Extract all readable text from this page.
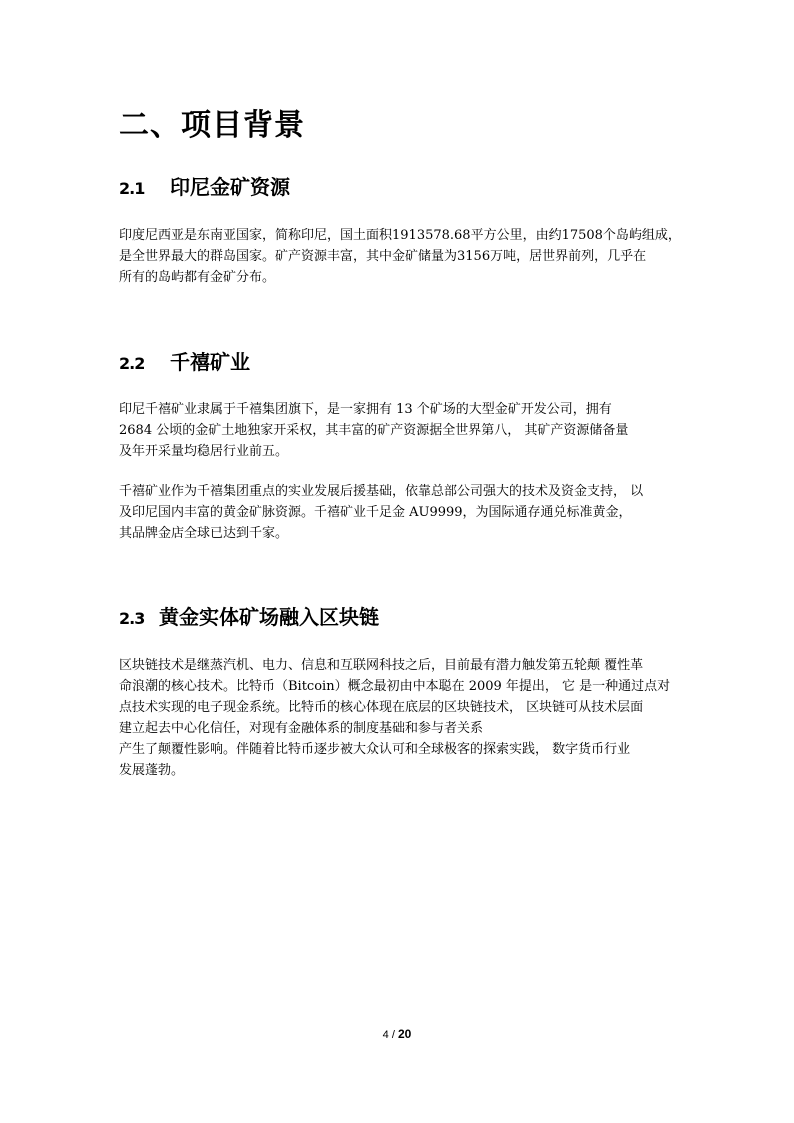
二、项目背景
2.1 印尼金矿资源
印度尼西亚是东南亚国家，简称印尼，国土面积1913578.68平方公里，由约17508个岛屿组成，
是全世界最大的群岛国家。矿产资源丰富，其中金矿储量为3156万吨，居世界前列，几乎在
所有的岛屿都有金矿分布。
2.2 千禧矿业
印尼千禧矿业隶属于千禧集团旗下，是一家拥有 13 个矿场的大型金矿开发公司，拥有
2684 公顷的金矿土地独家开采权，其丰富的矿产资源据全世界第八， 其矿产资源储备量
及年开采量均稳居行业前五。
千禧矿业作为千禧集团重点的实业发展后援基础，依靠总部公司强大的技术及资金支持， 以
及印尼国内丰富的黄金矿脉资源。千禧矿业千足金 AU9999，为国际通存通兑标准黄金，
其品牌金店全球已达到千家。
2.3 黄金实体矿场融入区块链
区块链技术是继蒸汽机、电力、信息和互联网科技之后，目前最有潜力触发第五轮颠 覆性革
命浪潮的核心技术。比特币（Bitcoin）概念最初由中本聪在 2009 年提出， 它 是一种通过点对
点技术实现的电子现金系统。比特币的核心体现在底层的区块链技术， 区块链可从技术层面
建立起去中心化信任，对现有金融体系的制度基础和参与者关系
产生了颠覆性影响。伴随着比特币逐步被大众认可和全球极客的探索实践， 数字货币行业
发展蓬勃。
4 / 20
